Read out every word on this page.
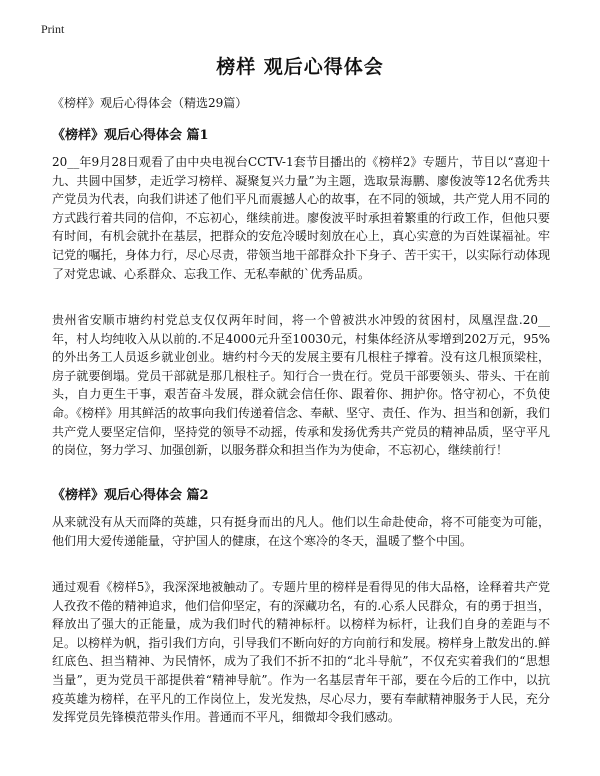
Print
榜样 观后心得体会
《榜样》观后心得体会（精选29篇）
《榜样》观后心得体会 篇1
20__年9月28日观看了由中央电视台CCTV-1套节目播出的《榜样2》专题片，节目以“喜迎十九、共圆中国梦，走近学习榜样、凝聚复兴力量”为主题，选取景海鹏、廖俊波等12名优秀共产党员为代表，向我们讲述了他们平凡而震撼人心的故事，在不同的领域，共产党人用不同的方式践行着共同的信仰，不忘初心，继续前进。廖俊波平时承担着繁重的行政工作，但他只要有时间，有机会就扑在基层，把群众的安危冷暖时刻放在心上，真心实意的为百姓谋福祉。牢记党的嘱托，身体力行，尽心尽责，带领当地干部群众扑下身子、苦干实干，以实际行动体现了对党忠诚、心系群众、忘我工作、无私奉献的`优秀品质。
贵州省安顺市塘约村党总支仅仅两年时间，将一个曾被洪水冲毁的贫困村，凤凰涅盘.20__年，村人均纯收入从以前的.不足4000元升至10030元，村集体经济从零增到202万元，95%的外出务工人员返乡就业创业。塘约村今天的发展主要有几根柱子撑着。没有这几根顶梁柱，房子就要倒塌。党员干部就是那几根柱子。知行合一贵在行。党员干部要领头、带头、干在前头，自力更生干事，艰苦奋斗发展，群众就会信任你、跟着你、拥护你。恪守初心，不负使命。《榜样》用其鲜活的故事向我们传递着信念、奉献、坚守、责任、作为、担当和创新，我们共产党人要坚定信仰，坚持党的领导不动摇，传承和发扬优秀共产党员的精神品质，坚守平凡的岗位，努力学习、加强创新，以服务群众和担当作为为使命，不忘初心，继续前行！
《榜样》观后心得体会 篇2
从来就没有从天而降的英雄，只有挺身而出的凡人。他们以生命赴使命，将不可能变为可能，他们用大爱传递能量，守护国人的健康，在这个寒冷的冬天，温暖了整个中国。
通过观看《榜样5》，我深深地被触动了。专题片里的榜样是看得见的伟大品格，诠释着共产党人孜孜不倦的精神追求，他们信仰坚定，有的深藏功名，有的.心系人民群众，有的勇于担当，释放出了强大的正能量，成为我们时代的精神标杆。以榜样为标杆，让我们自身的差距与不足。以榜样为帆，指引我们方向，引导我们不断向好的方向前行和发展。榜样身上散发出的.鲜红底色、担当精神、为民情怀，成为了我们不折不扣的“北斗导航”，不仅充实着我们的“思想当量”，更为党员干部提供着“精神导航”。作为一名基层青年干部，要在今后的工作中，以抗疫英雄为榜样，在平凡的工作岗位上，发光发热，尽心尽力，要有奉献精神服务于人民，充分发挥党员先锋模范带头作用。普通而不平凡，细微却令我们感动。
